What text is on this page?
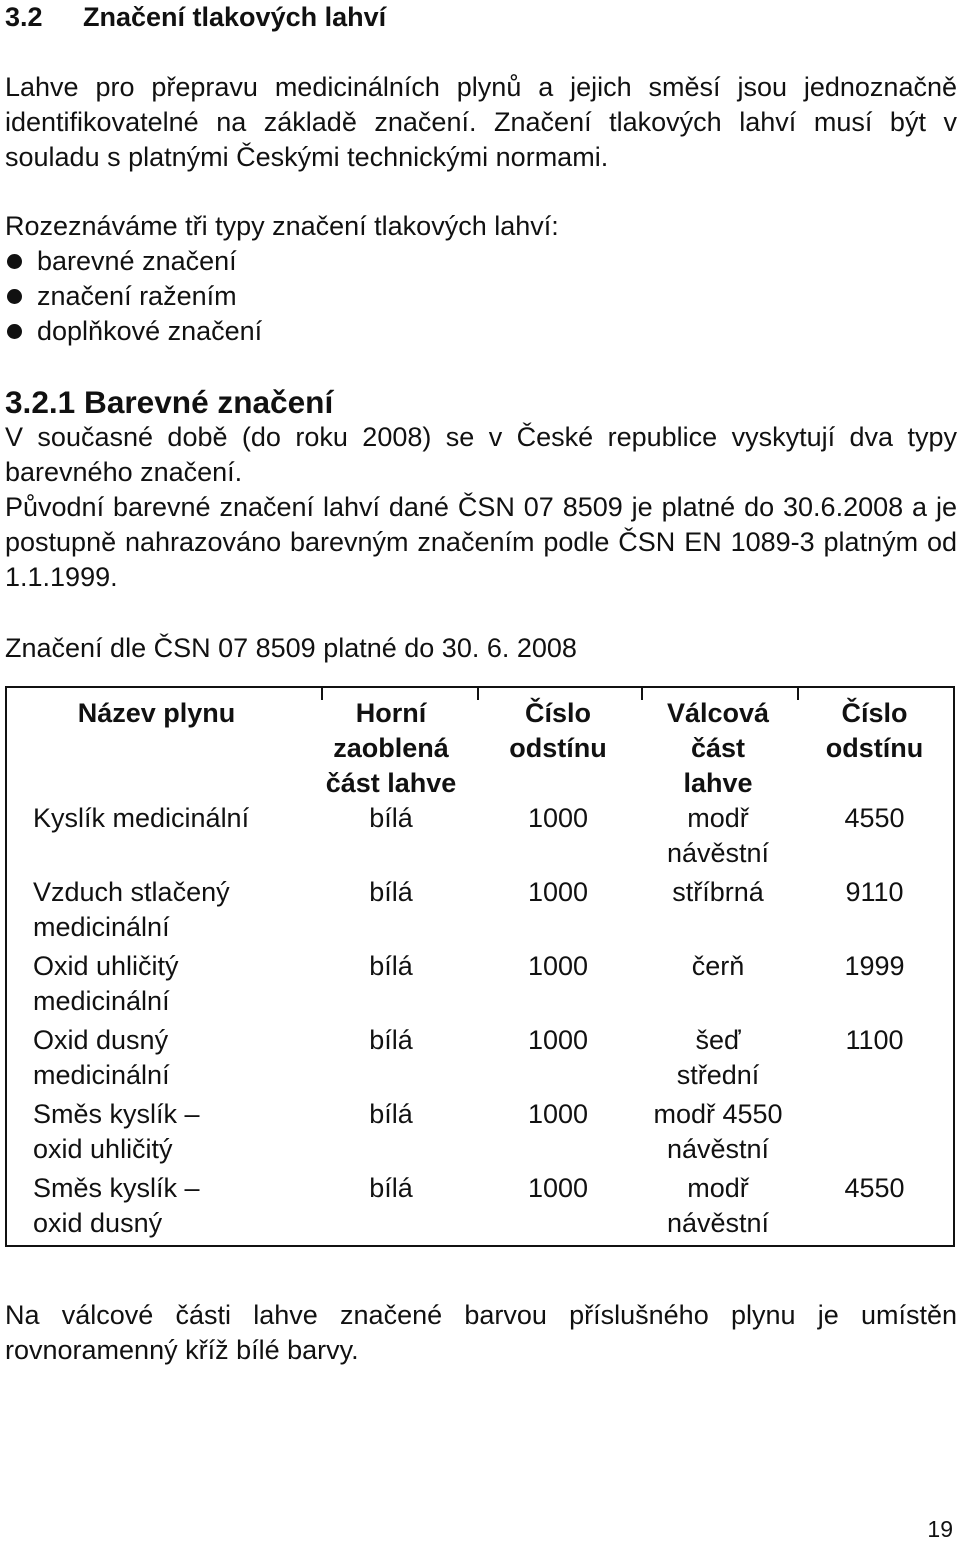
3.2 Značení tlakových lahví

Lahve pro přepravu medicinálních plynů a jejich směsí jsou jednoznačně identifikovatelné na základě značení. Značení tlakových lahví musí být v souladu s platnými Českými technickými normami.

Rozeznáváme tři typy značení tlakových lahví:

barevné značení
značení ražením
doplňkové značení
3.2.1 Barevné značení

V současné době (do roku 2008) se v České republice vyskytují dva typy barevného značení.

Původní barevné značení lahví dané ČSN 07 8509 je platné do 30.6.2008 a je postupně nahrazováno barevným značením podle ČSN EN 1089-3 platným od 1.1.1999.

Značení dle ČSN 07 8509 platné do 30. 6. 2008

Název plynu	Horní zaoblená část lahve	Číslo odstínu	Válcová část lahve	Číslo odstínu

Kyslík medicinální	bílá	1000	modř návěstní	4550

Vzduch stlačený medicinální	bílá	1000	stříbrná	9110

Oxid uhličitý medicinální	bílá	1000	čerň	1999

Oxid dusný medicinální	bílá	1000	šeď střední	1100

Směs kyslík – oxid uhličitý	bílá	1000	modř 4550 návěstní	

Směs kyslík – oxid dusný	bílá	1000	modř návěstní	4550

Na válcové části lahve značené barvou příslušného plynu je umístěn rovnoramenný kříž bílé barvy.

19
